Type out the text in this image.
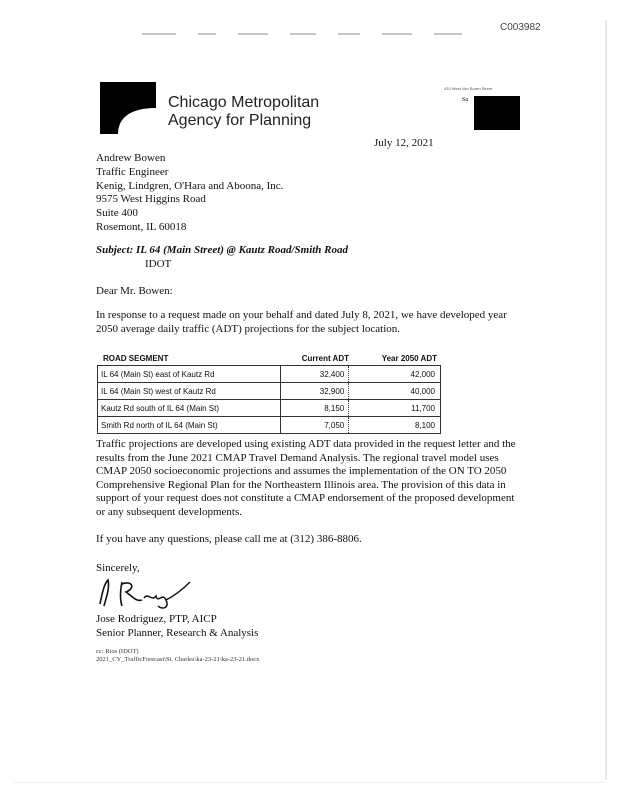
C003982
Chicago Metropolitan
Agency for Planning
433 West Van Buren Street
Su
July 12, 2021
Andrew Bowen
Traffic Engineer
Kenig, Lindgren, O'Hara and Aboona, Inc.
9575 West Higgins Road
Suite 400
Rosemont, IL 60018
Subject: IL 64 (Main Street) @ Kautz Road/Smith Road
IDOT
Dear Mr. Bowen:
In response to a request made on your behalf and dated July 8, 2021, we have developed year 2050 average daily traffic (ADT) projections for the subject location.
ROAD SEGMENT	Current ADT	Year 2050 ADT
IL 64 (Main St) east of Kautz Rd	32,400	42,000
IL 64 (Main St) west of Kautz Rd	32,900	40,000
Kautz Rd south of IL 64 (Main St)	8,150	11,700
Smith Rd north of IL 64 (Main St)	7,050	8,100
Traffic projections are developed using existing ADT data provided in the request letter and the results from the June 2021 CMAP Travel Demand Analysis. The regional travel model uses CMAP 2050 socioeconomic projections and assumes the implementation of the ON TO 2050 Comprehensive Regional Plan for the Northeastern Illinois area. The provision of this data in support of your request does not constitute a CMAP endorsement of the proposed development or any subsequent developments.
If you have any questions, please call me at (312) 386-8806.
Sincerely,
Jose Rodriguez, PTP, AICP
Senior Planner, Research & Analysis
cc: Rios (IDOT)
2021_CY_TrafficForecast\St. Charles\ka-23-21\ka-23-21.docx
